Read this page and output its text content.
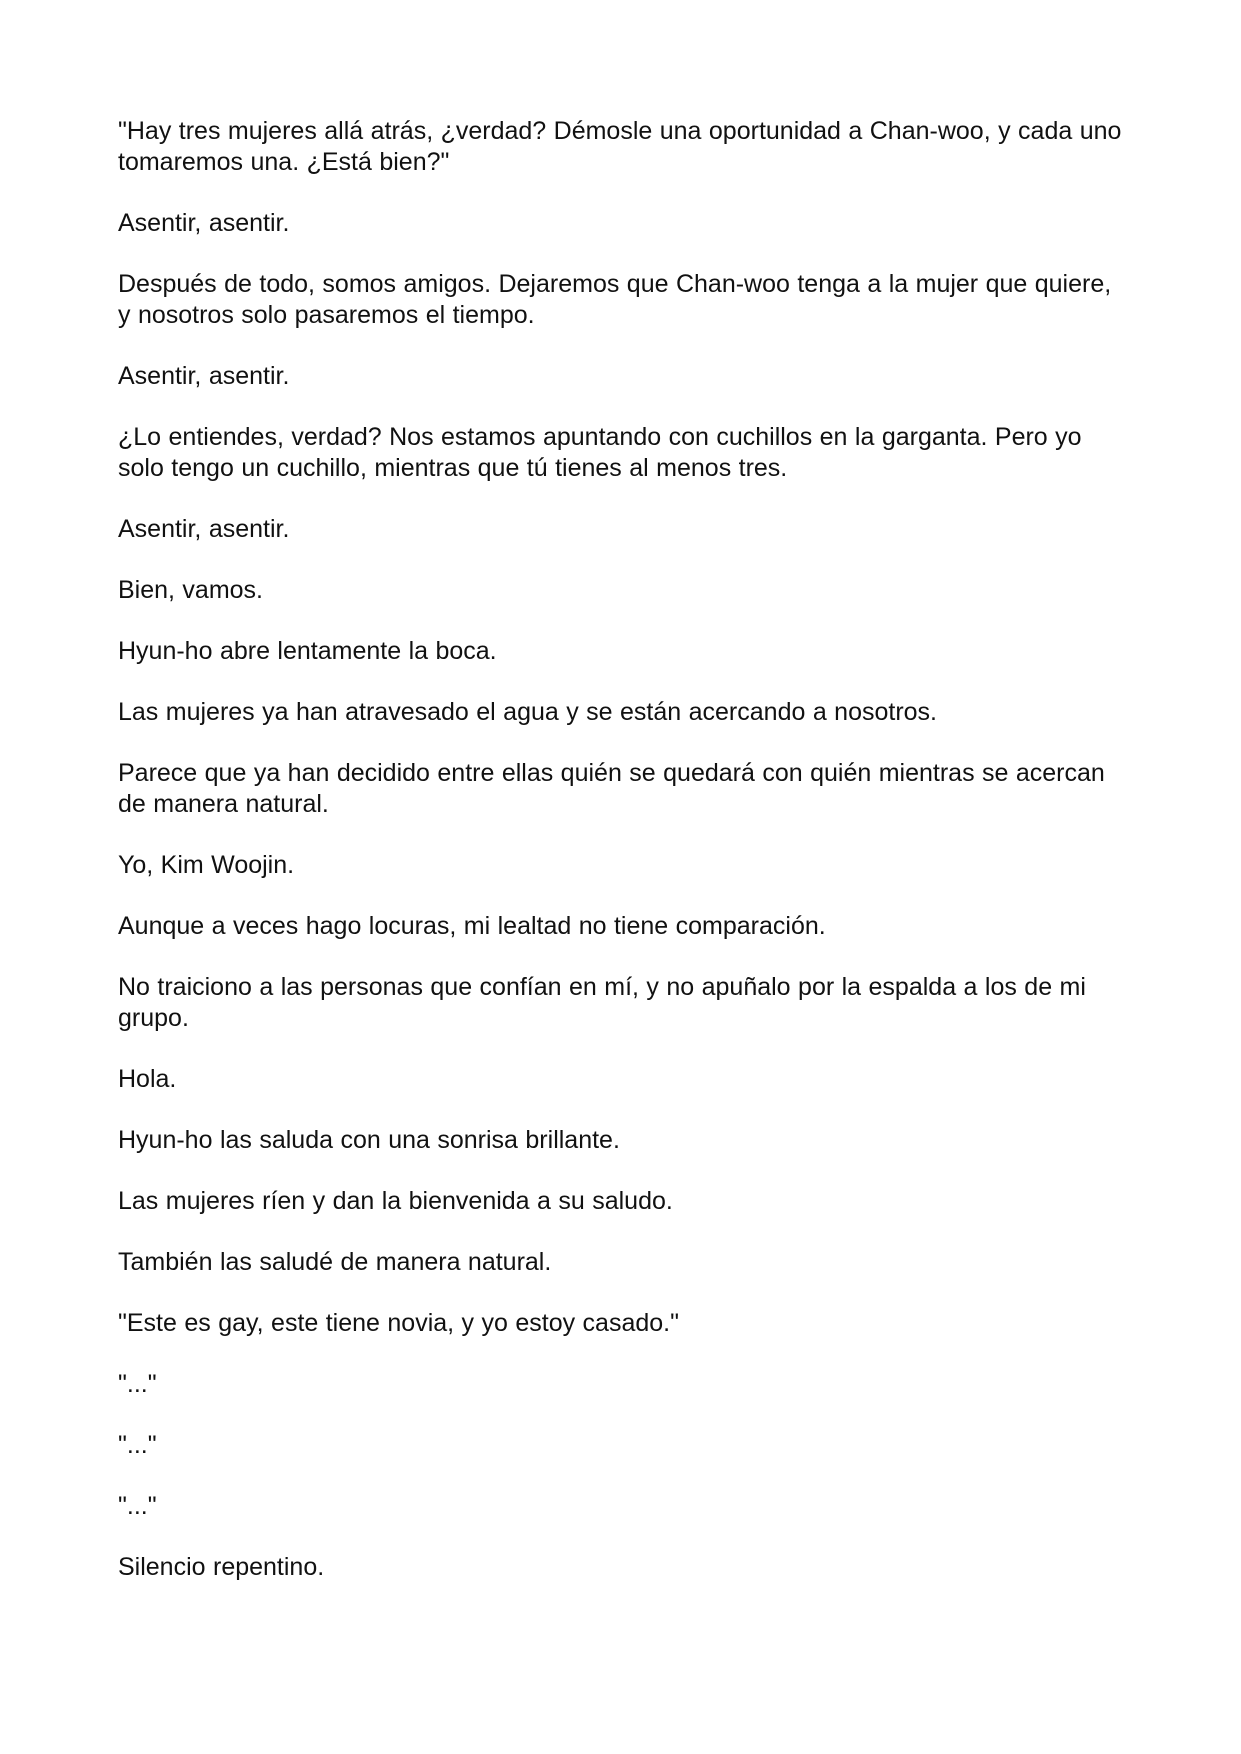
"Hay tres mujeres allá atrás, ¿verdad? Démosle una oportunidad a Chan-woo, y cada uno tomaremos una. ¿Está bien?"

Asentir, asentir.

Después de todo, somos amigos. Dejaremos que Chan-woo tenga a la mujer que quiere, y nosotros solo pasaremos el tiempo.

Asentir, asentir.

¿Lo entiendes, verdad? Nos estamos apuntando con cuchillos en la garganta. Pero yo solo tengo un cuchillo, mientras que tú tienes al menos tres.

Asentir, asentir.

Bien, vamos.

Hyun-ho abre lentamente la boca.

Las mujeres ya han atravesado el agua y se están acercando a nosotros.

Parece que ya han decidido entre ellas quién se quedará con quién mientras se acercan de manera natural.

Yo, Kim Woojin.

Aunque a veces hago locuras, mi lealtad no tiene comparación.

No traiciono a las personas que confían en mí, y no apuñalo por la espalda a los de mi grupo.

Hola.

Hyun-ho las saluda con una sonrisa brillante.

Las mujeres ríen y dan la bienvenida a su saludo.

También las saludé de manera natural.

"Este es gay, este tiene novia, y yo estoy casado."

"..."

"..."

"..."

Silencio repentino.
